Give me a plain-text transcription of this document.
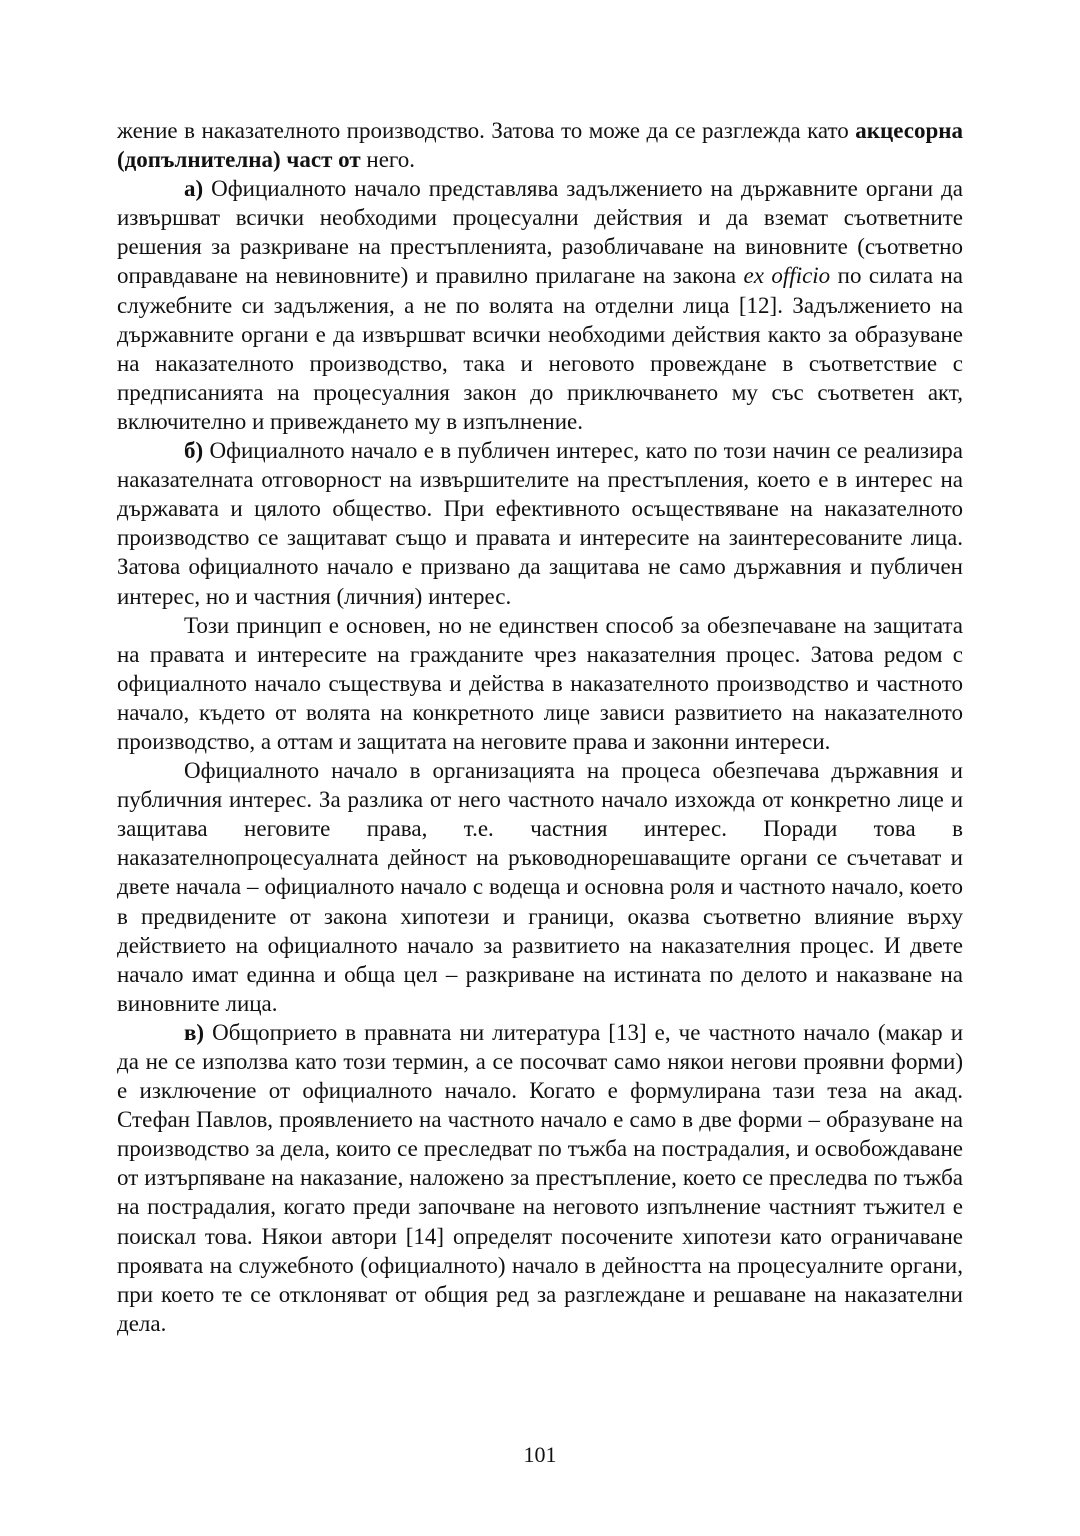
жение в наказателното производство. Затова то може да се разглежда като акцесорна (допълнителна) част от него.

а) Официалното начало представлява задължението на държавните органи да извършват всички необходими процесуални действия и да вземат съответните решения за разкриване на престъпленията, разобличаване на виновните (съответно оправдаване на невиновните) и правилно прилагане на закона ex officio по силата на служебните си задължения, а не по волята на отделни лица [12]. Задължението на държавните органи е да извършват всички необходими действия както за образуване на наказателното производство, така и неговото провеждане в съответствие с предписанията на процесуалния закон до приключването му със съответен акт, включително и привеждането му в изпълнение.

б) Официалното начало е в публичен интерес, като по този начин се реализира наказателната отговорност на извършителите на престъпления, което е в интерес на държавата и цялото общество. При ефективното осъществяване на наказателното производство се защитават също и правата и интересите на заинтересованите лица. Затова официалното начало е призвано да защитава не само държавния и публичен интерес, но и частния (личния) интерес.

Този принцип е основен, но не единствен способ за обезпечаване на защитата на правата и интересите на гражданите чрез наказателния процес. Затова редом с официалното начало съществува и действа в наказателното производство и частното начало, където от волята на конкретното лице зависи развитието на наказателното производство, а оттам и защитата на неговите права и законни интереси.

Официалното начало в организацията на процеса обезпечава държавния и публичния интерес. За разлика от него частното начало изхожда от конкретно лице и защитава неговите права, т.е. частния интерес. Поради това в наказателнопроцесуалната дейност на ръководнорешаващите органи се съчетават и двете начала – официалното начало с водеща и основна роля и частното начало, което в предвидените от закона хипотези и граници, оказва съответно влияние върху действието на официалното начало за развитието на наказателния процес. И двете начало имат единна и обща цел – разкриване на истината по делото и наказване на виновните лица.

в) Общоприето в правната ни литература [13] е, че частното начало (макар и да не се използва като този термин, а се посочват само някои негови проявни форми) е изключение от официалното начало. Когато е формулирана тази теза на акад. Стефан Павлов, проявлението на частното начало е само в две форми – образуване на производство за дела, които се преследват по тъжба на пострадалия, и освобождаване от изтърпяване на наказание, наложено за престъпление, което се преследва по тъжба на пострадалия, когато преди започване на неговото изпълнение частният тъжител е поискал това. Някои автори [14] определят посочените хипотези като ограничаване проявата на служебното (официалното) начало в дейността на процесуалните органи, при което те се отклоняват от общия ред за разглеждане и решаване на наказателни дела.

101
